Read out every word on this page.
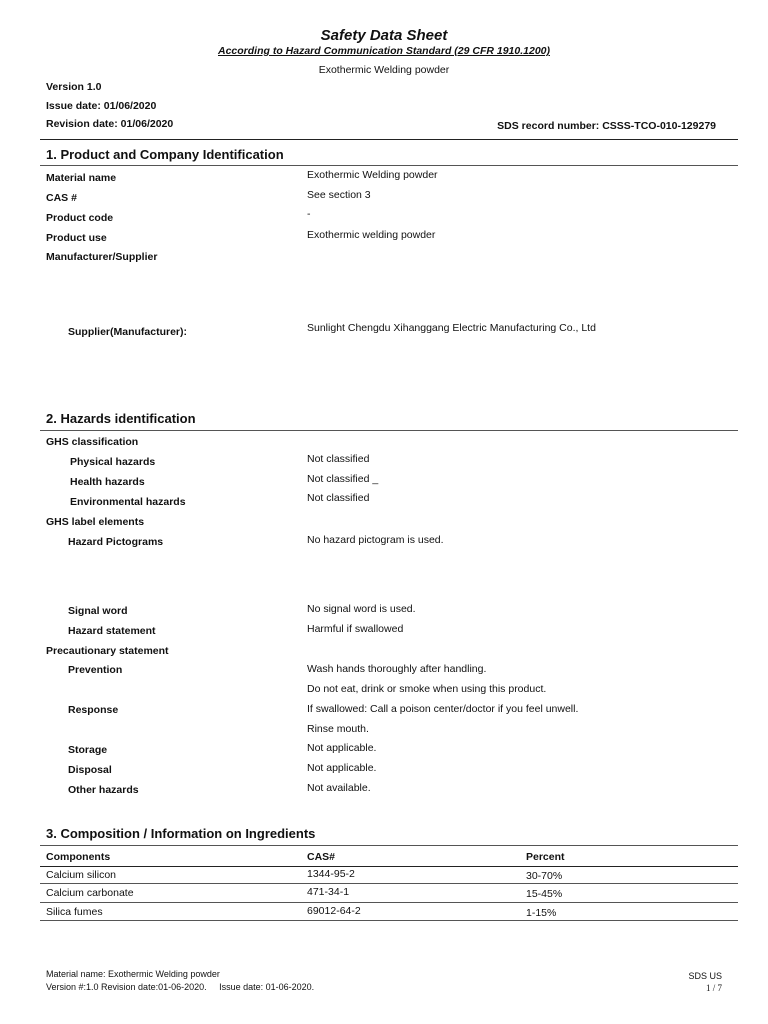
Safety Data Sheet
According to Hazard Communication Standard (29 CFR 1910.1200)
Exothermic Welding powder
Version 1.0
Issue date: 01/06/2020
Revision date: 01/06/2020	SDS record number: CSSS-TCO-010-129279
1. Product and Company Identification
Material name	Exothermic Welding powder
CAS #	See section 3
Product code	-
Product use	Exothermic welding powder
Manufacturer/Supplier
Supplier(Manufacturer):	Sunlight Chengdu Xihanggang Electric Manufacturing Co., Ltd
2. Hazards identification
GHS classification
Physical hazards	Not classified
Health hazards	Not classified _
Environmental hazards	Not classified
GHS label elements
Hazard Pictograms	No hazard pictogram is used.
Signal word	No signal word is used.
Hazard statement	Harmful if swallowed
Precautionary statement
Prevention	Wash hands thoroughly after handling.
Do not eat, drink or smoke when using this product.
Response	If swallowed: Call a poison center/doctor if you feel unwell.
Rinse mouth.
Storage	Not applicable.
Disposal	Not applicable.
Other hazards	Not available.
3. Composition / Information on Ingredients
Components	CAS#	Percent
Calcium silicon	1344-95-2	30-70%
Calcium carbonate	471-34-1	15-45%
Silica fumes	69012-64-2	1-15%
Material name: Exothermic Welding powder
Version #:1.0 Revision date:01-06-2020.     Issue date: 01-06-2020.
SDS US
1 / 7
